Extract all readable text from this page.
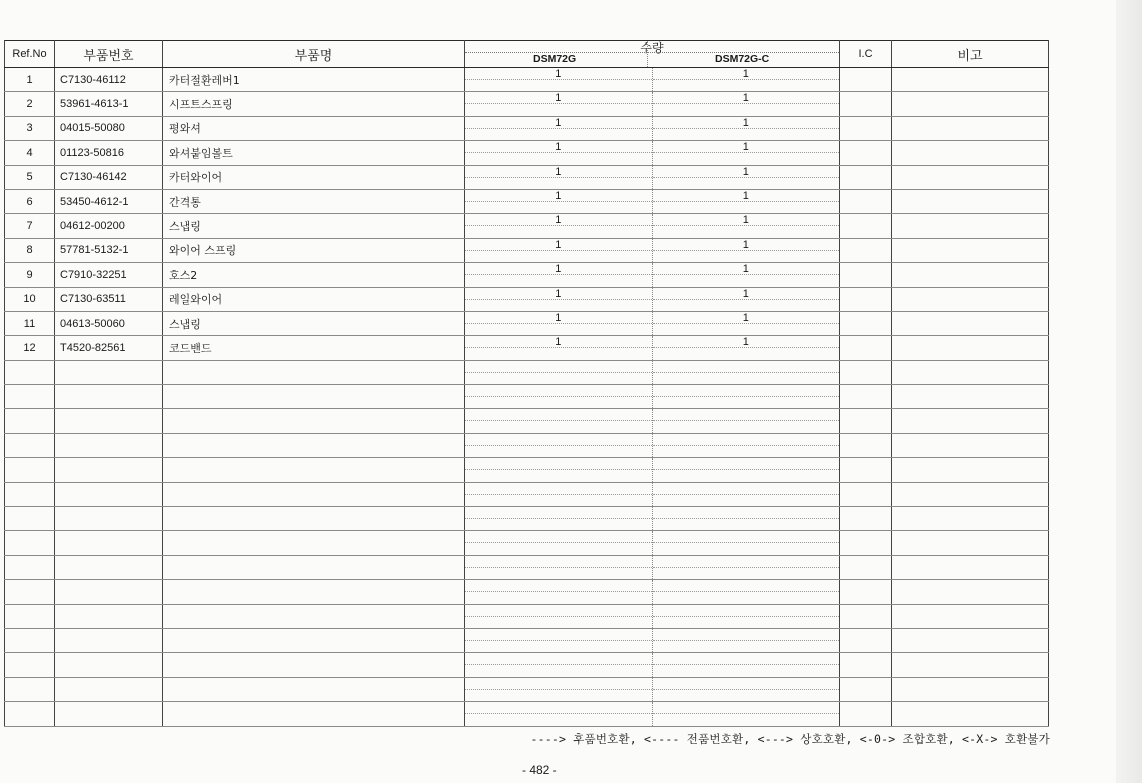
Ref.No	부품번호	부품명	수량
DSM72G DSM72G-C	I.C	비고
1	C7130-46112	카터절환레버1	1 1		

2	53961-4613-1	시프트스프링	1 1		

3	04015-50080	평와셔	1 1		

4	01123-50816	와셔붙임볼트	1 1		

5	C7130-46142	카터와이어	1 1		

6	53450-4612-1	간격통	1 1		

7	04612-00200	스냅링	1 1		

8	57781-5132-1	와이어 스프링	1 1		

9	C7910-32251	호스2	1 1		

10	C7130-63511	레일와이어	1 1		

11	04613-50060	스냅링	1 1		

12	T4520-82561	코드밴드	1 1		

----> 후품번호환, <---- 전품번호환, <---> 상호호환, <-0-> 조합호환, <-X-> 호환불가
- 482 -
